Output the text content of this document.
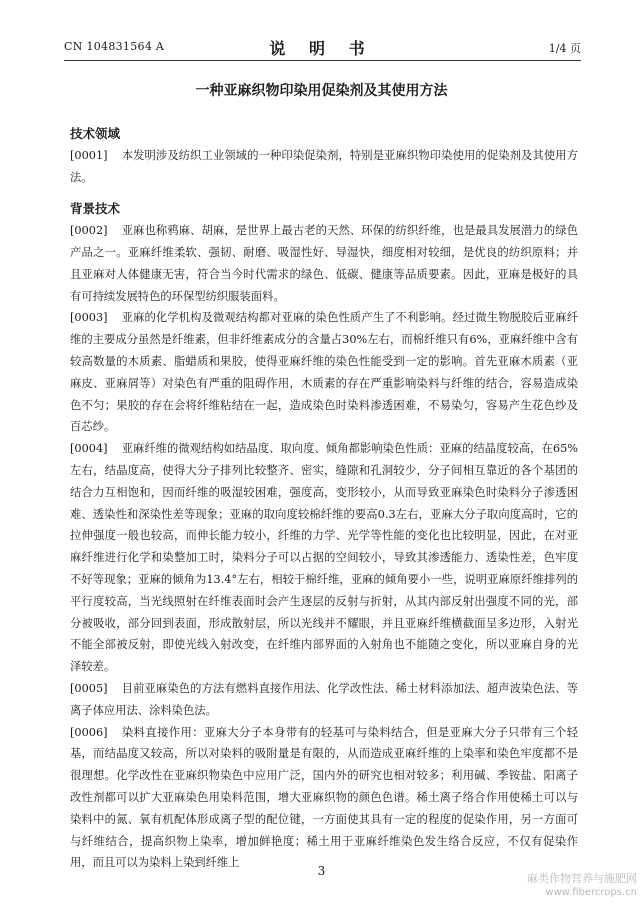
CN 104831564 A	说 明 书	1/4 页
一种亚麻织物印染用促染剂及其使用方法
技术领域

[0001] 本发明涉及纺织工业领域的一种印染促染剂，特别是亚麻织物印染使用的促染剂及其使用方法。

背景技术

[0002] 亚麻也称鸦麻、胡麻，是世界上最古老的天然、环保的纺织纤维，也是最具发展潜力的绿色产品之一。亚麻纤维柔软、强韧、耐磨、吸湿性好、导湿快，细度相对较细，是优良的纺织原料；并且亚麻对人体健康无害，符合当今时代需求的绿色、低碳、健康等品质要素。因此，亚麻是极好的具有可持续发展特色的环保型纺织服装面料。

[0003] 亚麻的化学机构及微观结构都对亚麻的染色性质产生了不利影响。经过微生物脱胶后亚麻纤维的主要成分虽然是纤维素，但非纤维素成分的含量占30%左右，而棉纤维只有6%，亚麻纤维中含有较高数量的木质素、脂蜡质和果胶，使得亚麻纤维的染色性能受到一定的影响。首先亚麻木质素（亚麻皮、亚麻屑等）对染色有严重的阻碍作用，木质素的存在严重影响染料与纤维的结合，容易造成染色不匀；果胶的存在会将纤维粘结在一起，造成染色时染料渗透困难，不易染匀，容易产生花色纱及百芯纱。

[0004] 亚麻纤维的微观结构如结晶度、取向度、倾角都影响染色性质：亚麻的结晶度较高，在65%左右，结晶度高，使得大分子排列比较整齐、密实，缝隙和孔洞较少，分子间相互靠近的各个基团的结合力互相饱和，因而纤维的吸湿较困难，强度高，变形较小，从而导致亚麻染色时染料分子渗透困难、透染性和深染性差等现象；亚麻的取向度较棉纤维的要高0.3左右，亚麻大分子取向度高时，它的拉伸强度一般也较高，而伸长能力较小，纤维的力学、光学等性能的变化也比较明显，因此，在对亚麻纤维进行化学和染整加工时，染料分子可以占据的空间较小，导致其渗透能力、透染性差，色牢度不好等现象；亚麻的倾角为13.4°左右，相较于棉纤维，亚麻的倾角要小一些，说明亚麻原纤维排列的平行度较高，当光线照射在纤维表面时会产生逐层的反射与折射，从其内部反射出强度不同的光，部分被吸收，部分回到表面，形成散射层，所以光线并不耀眼，并且亚麻纤维横截面呈多边形，入射光不能全部被反射，即使光线入射改变，在纤维内部界面的入射角也不能随之变化，所以亚麻自身的光泽较差。

[0005] 目前亚麻染色的方法有燃料直接作用法、化学改性法、稀土材料添加法、超声波染色法、等离子体应用法、涂料染色法。

[0006] 染料直接作用：亚麻大分子本身带有的轻基可与染料结合，但是亚麻大分子只带有三个轻基，而结晶度又较高，所以对染料的吸附量是有限的，从而造成亚麻纤维的上染率和染色牢度都不是很理想。化学改性在亚麻织物染色中应用广泛，国内外的研究也相对较多；利用碱、季铵盐、阳离子改性剂都可以扩大亚麻染色用染料范围，增大亚麻织物的颜色色谱。稀土离子络合作用使稀土可以与染料中的氮、氧有机配体形成离子型的配位键，一方面使其具有一定的程度的促染作用，另一方面可与纤维结合，提高织物上染率，增加鲜艳度；稀土用于亚麻纤维染色发生络合反应，不仅有促染作用，而且可以为染料上染到纤维上

3
麻类作物营养与施肥网
www.fibercrops.cn
